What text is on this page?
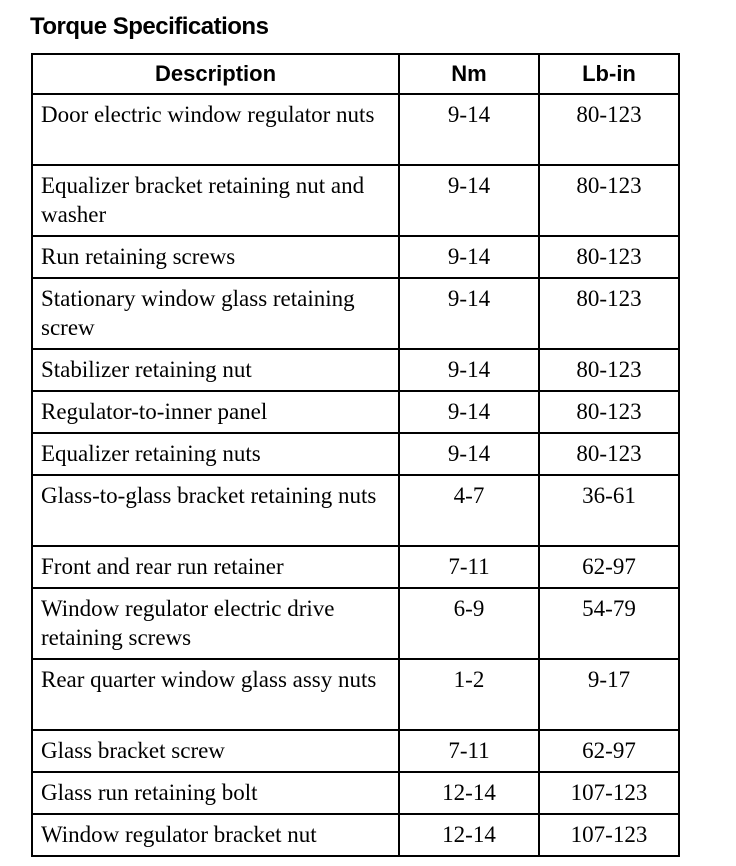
Torque Specifications
Description	Nm	Lb-in
Door electric window regulator nuts	9-14	80-123
Equalizer bracket retaining nut and washer	9-14	80-123
Run retaining screws	9-14	80-123
Stationary window glass retaining screw	9-14	80-123
Stabilizer retaining nut	9-14	80-123
Regulator-to-inner panel	9-14	80-123
Equalizer retaining nuts	9-14	80-123
Glass-to-glass bracket retaining nuts	4-7	36-61
Front and rear run retainer	7-11	62-97
Window regulator electric drive retaining screws	6-9	54-79
Rear quarter window glass assy nuts	1-2	9-17
Glass bracket screw	7-11	62-97
Glass run retaining bolt	12-14	107-123
Window regulator bracket nut	12-14	107-123
